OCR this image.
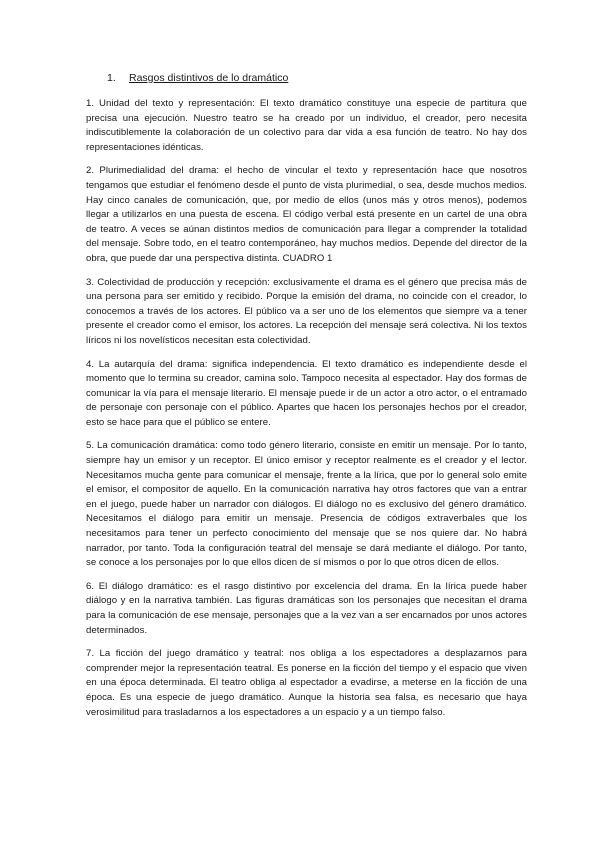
1. Rasgos distintivos de lo dramático

1. Unidad del texto y representación: El texto dramático constituye una especie de partitura que precisa una ejecución. Nuestro teatro se ha creado por un individuo, el creador, pero necesita indiscutiblemente la colaboración de un colectivo para dar vida a esa función de teatro. No hay dos representaciones idénticas.

2. Plurimedialidad del drama: el hecho de vincular el texto y representación hace que nosotros tengamos que estudiar el fenómeno desde el punto de vista plurimedial, o sea, desde muchos medios. Hay cinco canales de comunicación, que, por medio de ellos (unos más y otros menos), podemos llegar a utilizarlos en una puesta de escena. El código verbal está presente en un cartel de una obra de teatro. A veces se aúnan distintos medios de comunicación para llegar a comprender la totalidad del mensaje. Sobre todo, en el teatro contemporáneo, hay muchos medios. Depende del director de la obra, que puede dar una perspectiva distinta. CUADRO 1

3. Colectividad de producción y recepción: exclusivamente el drama es el género que precisa más de una persona para ser emitido y recibido. Porque la emisión del drama, no coincide con el creador, lo conocemos a través de los actores. El público va a ser uno de los elementos que siempre va a tener presente el creador como el emisor, los actores. La recepción del mensaje será colectiva. Ni los textos líricos ni los novelísticos necesitan esta colectividad.

4. La autarquía del drama: significa independencia. El texto dramático es independiente desde el momento que lo termina su creador, camina solo. Tampoco necesita al espectador. Hay dos formas de comunicar la vía para el mensaje literario. El mensaje puede ir de un actor a otro actor, o el entramado de personaje con personaje con el público. Apartes que hacen los personajes hechos por el creador, esto se hace para que el público se entere.

5. La comunicación dramática: como todo género literario, consiste en emitir un mensaje. Por lo tanto, siempre hay un emisor y un receptor. El único emisor y receptor realmente es el creador y el lector. Necesitamos mucha gente para comunicar el mensaje, frente a la lírica, que por lo general solo emite el emisor, el compositor de aquello. En la comunicación narrativa hay otros factores que van a entrar en el juego, puede haber un narrador con diálogos. El diálogo no es exclusivo del género dramático. Necesitamos el diálogo para emitir un mensaje. Presencia de códigos extraverbales que los necesitamos para tener un perfecto conocimiento del mensaje que se nos quiere dar. No habrá narrador, por tanto. Toda la configuración teatral del mensaje se dará mediante el diálogo. Por tanto, se conoce a los personajes por lo que ellos dicen de sí mismos o por lo que otros dicen de ellos.

6. El diálogo dramático: es el rasgo distintivo por excelencia del drama. En la lírica puede haber diálogo y en la narrativa también. Las figuras dramáticas son los personajes que necesitan el drama para la comunicación de ese mensaje, personajes que a la vez van a ser encarnados por unos actores determinados.

7. La ficción del juego dramático y teatral: nos obliga a los espectadores a desplazarnos para comprender mejor la representación teatral. Es ponerse en la ficción del tiempo y el espacio que viven en una época determinada. El teatro obliga al espectador a evadirse, a meterse en la ficción de una época. Es una especie de juego dramático. Aunque la historia sea falsa, es necesario que haya verosimilitud para trasladarnos a los espectadores a un espacio y a un tiempo falso.
